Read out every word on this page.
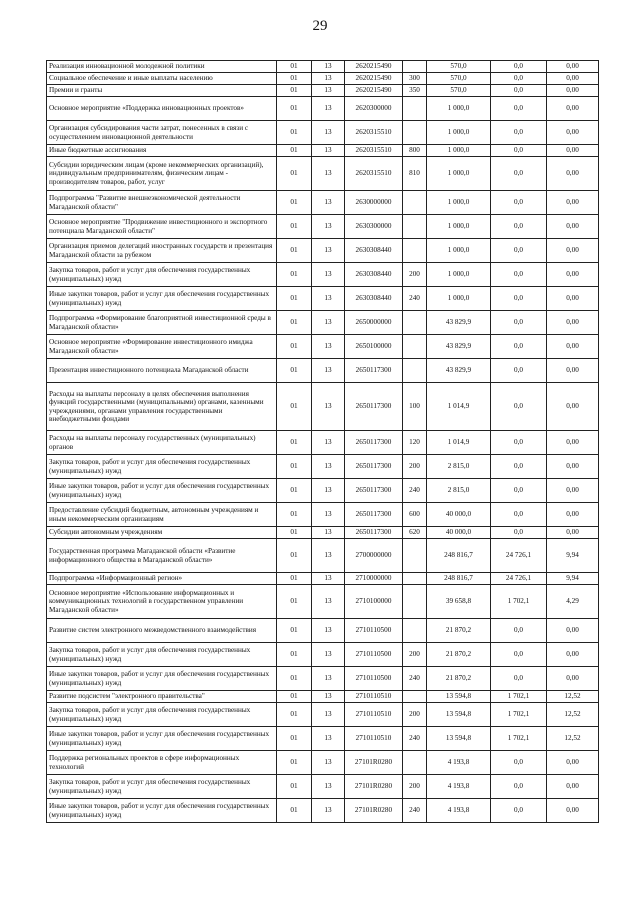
29
Реализация инновационной молодежной политики	01	13	2620215490		570,0	0,0	0,00
Социальное обеспечение и иные выплаты населению	01	13	2620215490	300	570,0	0,0	0,00
Премии и гранты	01	13	2620215490	350	570,0	0,0	0,00
Основное мероприятие «Поддержка инновационных проектов»	01	13	2620300000		1 000,0	0,0	0,00
Организация субсидирования части затрат, понесенных в связи с осуществлением инновационной деятельности	01	13	2620315510		1 000,0	0,0	0,00
Иные бюджетные ассигнования	01	13	2620315510	800	1 000,0	0,0	0,00
Субсидии юридическим лицам (кроме некоммерческих организаций), индивидуальным предпринимателям, физическим лицам - производителям товаров, работ, услуг	01	13	2620315510	810	1 000,0	0,0	0,00
Подпрограмма "Развитие внешнеэкономической деятельности Магаданской области"	01	13	2630000000		1 000,0	0,0	0,00
Основное мероприятие "Продвижение инвестиционного и экспортного потенциала Магаданской области"	01	13	2630300000		1 000,0	0,0	0,00
Организация приемов делегаций иностранных государств и презентация Магаданской области за рубежом	01	13	2630308440		1 000,0	0,0	0,00
Закупка товаров, работ и услуг для обеспечения государственных (муниципальных) нужд	01	13	2630308440	200	1 000,0	0,0	0,00
Иные закупки товаров, работ и услуг для обеспечения государственных (муниципальных) нужд	01	13	2630308440	240	1 000,0	0,0	0,00
Подпрограмма «Формирование благоприятной инвестиционной среды в Магаданской области»	01	13	2650000000		43 829,9	0,0	0,00
Основное мероприятие «Формирование инвестиционного имиджа Магаданской области»	01	13	2650100000		43 829,9	0,0	0,00
Презентация инвестиционного потенциала Магаданской области	01	13	2650117300		43 829,9	0,0	0,00
Расходы на выплаты персоналу в целях обеспечения выполнения функций государственными (муниципальными) органами, казенными учреждениями, органами управления государственными внебюджетными фондами	01	13	2650117300	100	1 014,9	0,0	0,00
Расходы на выплаты персоналу государственных (муниципальных) органов	01	13	2650117300	120	1 014,9	0,0	0,00
Закупка товаров, работ и услуг для обеспечения государственных (муниципальных) нужд	01	13	2650117300	200	2 815,0	0,0	0,00
Иные закупки товаров, работ и услуг для обеспечения государственных (муниципальных) нужд	01	13	2650117300	240	2 815,0	0,0	0,00
Предоставление субсидий бюджетным, автономным учреждениям и иным некоммерческим организациям	01	13	2650117300	600	40 000,0	0,0	0,00
Субсидии автономным учреждениям	01	13	2650117300	620	40 000,0	0,0	0,00
Государственная программа Магаданской области «Развитие информационного общества в Магаданской области»	01	13	2700000000		248 816,7	24 726,1	9,94
Подпрограмма «Информационный регион»	01	13	2710000000		248 816,7	24 726,1	9,94
Основное мероприятие «Использование информационных и коммуникационных технологий в государственном управлении Магаданской области»	01	13	2710100000		39 658,8	1 702,1	4,29
Развитие систем электронного межведомственного взаимодействия	01	13	2710110500		21 870,2	0,0	0,00
Закупка товаров, работ и услуг для обеспечения государственных (муниципальных) нужд	01	13	2710110500	200	21 870,2	0,0	0,00
Иные закупки товаров, работ и услуг для обеспечения государственных (муниципальных) нужд	01	13	2710110500	240	21 870,2	0,0	0,00
Развитие подсистем "электронного правительства"	01	13	2710110510		13 594,8	1 702,1	12,52
Закупка товаров, работ и услуг для обеспечения государственных (муниципальных) нужд	01	13	2710110510	200	13 594,8	1 702,1	12,52
Иные закупки товаров, работ и услуг для обеспечения государственных (муниципальных) нужд	01	13	2710110510	240	13 594,8	1 702,1	12,52
Поддержка региональных проектов в сфере информационных технологий	01	13	27101R0280		4 193,8	0,0	0,00
Закупка товаров, работ и услуг для обеспечения государственных (муниципальных) нужд	01	13	27101R0280	200	4 193,8	0,0	0,00
Иные закупки товаров, работ и услуг для обеспечения государственных (муниципальных) нужд	01	13	27101R0280	240	4 193,8	0,0	0,00
